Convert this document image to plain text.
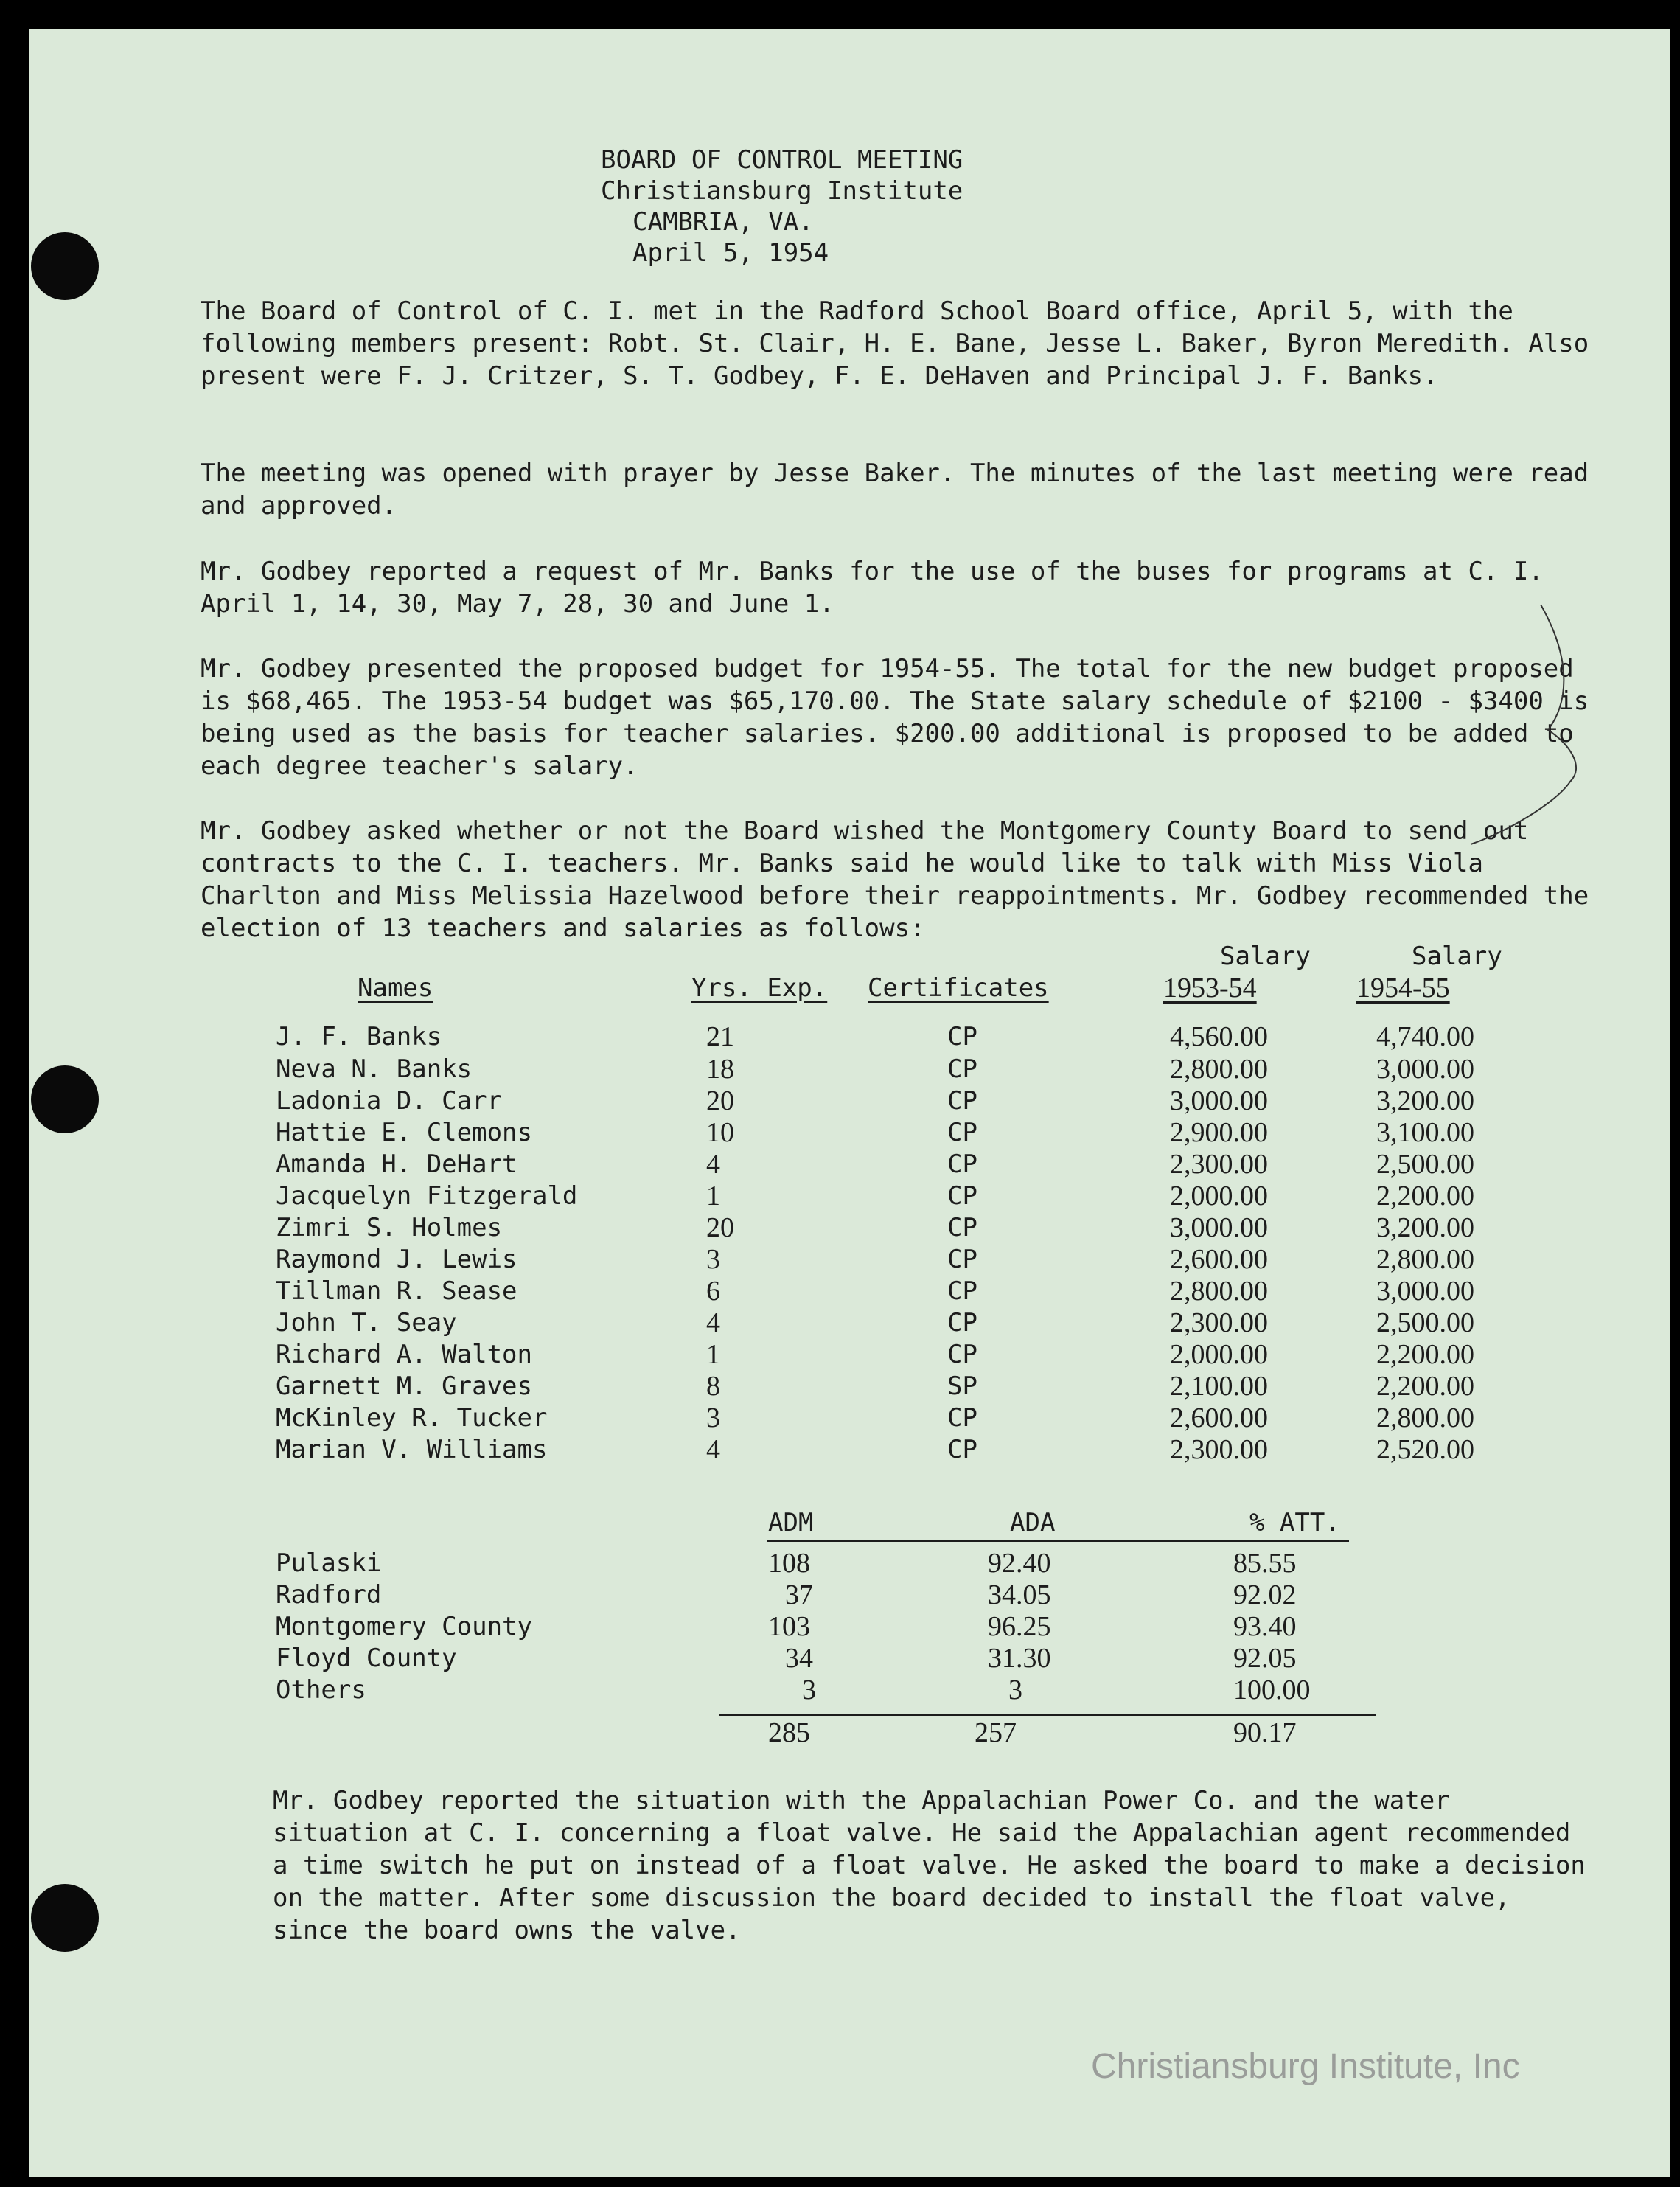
BOARD OF CONTROL MEETING
Christiansburg Institute
CAMBRIA, VA.
April 5, 1954

The Board of Control of C. I. met in the Radford School Board office, April 5, with the following members present: Robt. St. Clair, H. E. Bane, Jesse L. Baker, Byron Meredith. Also present were F. J. Critzer, S. T. Godbey, F. E. DeHaven and Principal J. F. Banks.

The meeting was opened with prayer by Jesse Baker. The minutes of the last meeting were read and approved.

Mr. Godbey reported a request of Mr. Banks for the use of the buses for programs at C. I. April 1, 14, 30, May 7, 28, 30 and June 1.

Mr. Godbey presented the proposed budget for 1954-55. The total for the new budget proposed is $68,465. The 1953-54 budget was $65,170.00. The State salary schedule of $2100 - $3400 is being used as the basis for teacher salaries. $200.00 additional is proposed to be added to each degree teacher's salary.

Mr. Godbey asked whether or not the Board wished the Montgomery County Board to send out contracts to the C. I. teachers. Mr. Banks said he would like to talk with Miss Viola Charlton and Miss Melissia Hazelwood before their reappointments. Mr. Godbey recommended the election of 13 teachers and salaries as follows:

Salary	Salary
Names	Yrs. Exp. Certificates	1953-54	1954-55
J. F. Banks	21	CP	4,560.00	4,740.00
Neva N. Banks	18	CP	2,800.00	3,000.00
Ladonia D. Carr	20	CP	3,000.00	3,200.00
Hattie E. Clemons	10	CP	2,900.00	3,100.00
Amanda H. DeHart	4	CP	2,300.00	2,500.00
Jacquelyn Fitzgerald	1	CP	2,000.00	2,200.00
Zimri S. Holmes	20	CP	3,000.00	3,200.00
Raymond J. Lewis	3	CP	2,600.00	2,800.00
Tillman R. Sease	6	CP	2,800.00	3,000.00
John T. Seay	4	CP	2,300.00	2,500.00
Richard A. Walton	1	CP	2,000.00	2,200.00
Garnett M. Graves	8	SP	2,100.00	2,200.00
McKinley R. Tucker	3	CP	2,600.00	2,800.00
Marian V. Williams	4	CP	2,300.00	2,520.00
ADM	ADA	% ATT.
Pulaski	108	92.40	85.55
Radford	37	34.05	92.02
Montgomery County	103	96.25	93.40
Floyd County	34	31.30	92.05
Others	3	3	100.00
285	257	90.17

Mr. Godbey reported the situation with the Appalachian Power Co. and the water situation at C. I. concerning a float valve. He said the Appalachian agent recommended a time switch he put on instead of a float valve. He asked the board to make a decision on the matter. After some discussion the board decided to install the float valve, since the board owns the valve.

Christiansburg Institute, Inc
